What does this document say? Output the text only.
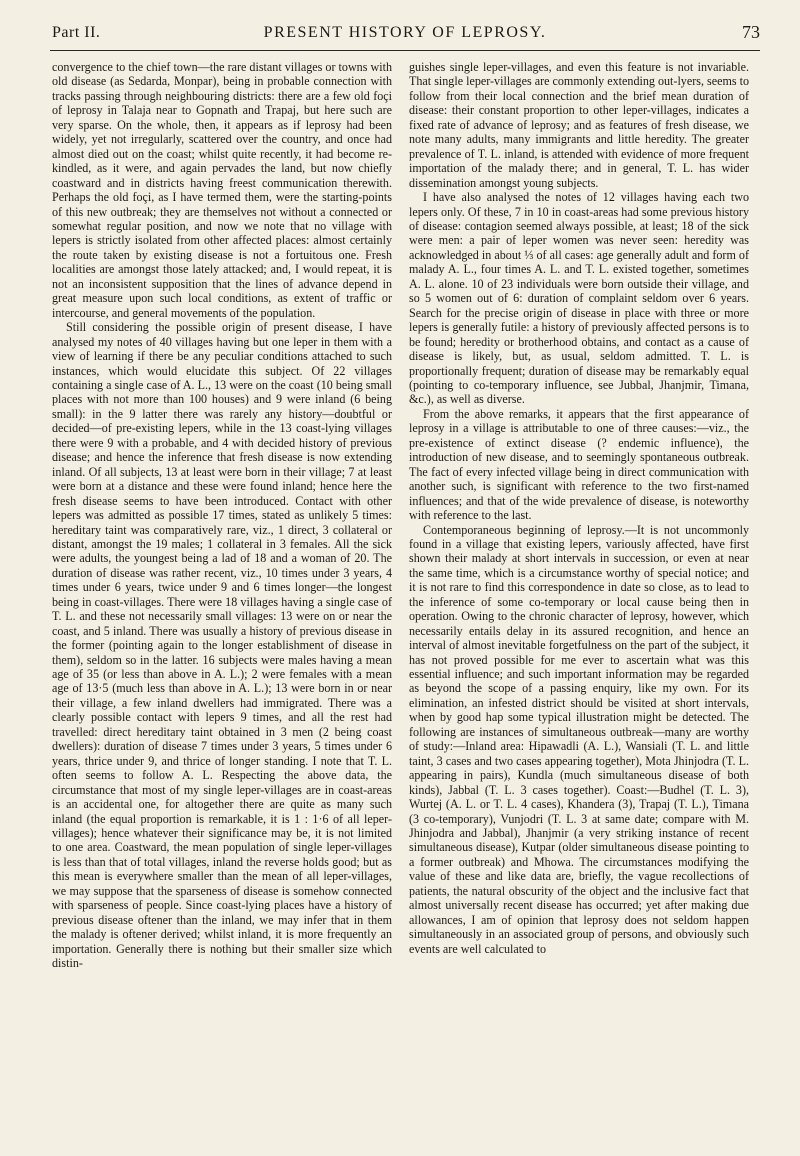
Part II.	PRESENT HISTORY OF LEPROSY.	73

convergence to the chief town—the rare distant villages or towns with old disease (as Sedarda, Monpar), being in probable connection with tracks passing through neighbouring districts: there are a few old foçi of leprosy in Talaja near to Gopnath and Trapaj, but here such are very sparse. On the whole, then, it appears as if leprosy had been widely, yet not irregularly, scattered over the country, and once had almost died out on the coast; whilst quite recently, it had become re-kindled, as it were, and again pervades the land, but now chiefly coastward and in districts having freest communication therewith. Perhaps the old foçi, as I have termed them, were the starting-points of this new outbreak; they are themselves not without a connected or somewhat regular position, and now we note that no village with lepers is strictly isolated from other affected places: almost certainly the route taken by existing disease is not a fortuitous one. Fresh localities are amongst those lately attacked; and, I would repeat, it is not an inconsistent supposition that the lines of advance depend in great measure upon such local conditions, as extent of traffic or intercourse, and general movements of the population.

Still considering the possible origin of present disease, I have analysed my notes of 40 villages having but one leper in them with a view of learning if there be any peculiar conditions attached to such instances, which would elucidate this subject. Of 22 villages containing a single case of A. L., 13 were on the coast (10 being small places with not more than 100 houses) and 9 were inland (6 being small): in the 9 latter there was rarely any history—doubtful or decided—of pre-existing lepers, while in the 13 coast-lying villages there were 9 with a probable, and 4 with decided history of previous disease; and hence the inference that fresh disease is now extending inland. Of all subjects, 13 at least were born in their village; 7 at least were born at a distance and these were found inland; hence here the fresh disease seems to have been introduced. Contact with other lepers was admitted as possible 17 times, stated as unlikely 5 times: hereditary taint was comparatively rare, viz., 1 direct, 3 collateral or distant, amongst the 19 males; 1 collateral in 3 females. All the sick were adults, the youngest being a lad of 18 and a woman of 20. The duration of disease was rather recent, viz., 10 times under 3 years, 4 times under 6 years, twice under 9 and 6 times longer—the longest being in coast-villages. There were 18 villages having a single case of T. L. and these not necessarily small villages: 13 were on or near the coast, and 5 inland. There was usually a history of previous disease in the former (pointing again to the longer establishment of disease in them), seldom so in the latter. 16 subjects were males having a mean age of 35 (or less than above in A. L.); 2 were females with a mean age of 13·5 (much less than above in A. L.); 13 were born in or near their village, a few inland dwellers had immigrated. There was a clearly possible contact with lepers 9 times, and all the rest had travelled: direct hereditary taint obtained in 3 men (2 being coast dwellers): duration of disease 7 times under 3 years, 5 times under 6 years, thrice under 9, and thrice of longer standing. I note that T. L. often seems to follow A. L. Respecting the above data, the circumstance that most of my single leper-villages are in coast-areas is an accidental one, for altogether there are quite as many such inland (the equal proportion is remarkable, it is 1 : 1·6 of all leper-villages); hence whatever their significance may be, it is not limited to one area. Coastward, the mean population of single leper-villages is less than that of total villages, inland the reverse holds good; but as this mean is everywhere smaller than the mean of all leper-villages, we may suppose that the sparseness of disease is somehow connected with sparseness of people. Since coast-lying places have a history of previous disease oftener than the inland, we may infer that in them the malady is oftener derived; whilst inland, it is more frequently an importation. Generally there is nothing but their smaller size which distin-

guishes single leper-villages, and even this feature is not invariable. That single leper-villages are commonly extending out-lyers, seems to follow from their local connection and the brief mean duration of disease: their constant proportion to other leper-villages, indicates a fixed rate of advance of leprosy; and as features of fresh disease, we note many adults, many immigrants and little heredity. The greater prevalence of T. L. inland, is attended with evidence of more frequent importation of the malady there; and in general, T. L. has wider dissemination amongst young subjects.

I have also analysed the notes of 12 villages having each two lepers only. Of these, 7 in 10 in coast-areas had some previous history of disease: contagion seemed always possible, at least; 18 of the sick were men: a pair of leper women was never seen: heredity was acknowledged in about ⅓ of all cases: age generally adult and form of malady A. L., four times A. L. and T. L. existed together, sometimes A. L. alone. 10 of 23 individuals were born outside their village, and so 5 women out of 6: duration of complaint seldom over 6 years. Search for the precise origin of disease in place with three or more lepers is generally futile: a history of previously affected persons is to be found; heredity or brotherhood obtains, and contact as a cause of disease is likely, but, as usual, seldom admitted. T. L. is proportionally frequent; duration of disease may be remarkably equal (pointing to co-temporary influence, see Jubbal, Jhanjmir, Timana, &c.), as well as diverse.

From the above remarks, it appears that the first appearance of leprosy in a village is attributable to one of three causes:—viz., the pre-existence of extinct disease (? endemic influence), the introduction of new disease, and to seemingly spontaneous outbreak. The fact of every infected village being in direct communication with another such, is significant with reference to the two first-named influences; and that of the wide prevalence of disease, is noteworthy with reference to the last.

Contemporaneous beginning of leprosy.—It is not uncommonly found in a village that existing lepers, variously affected, have first shown their malady at short intervals in succession, or even at near the same time, which is a circumstance worthy of special notice; and it is not rare to find this correspondence in date so close, as to lead to the inference of some co-temporary or local cause being then in operation. Owing to the chronic character of leprosy, however, which necessarily entails delay in its assured recognition, and hence an interval of almost inevitable forgetfulness on the part of the subject, it has not proved possible for me ever to ascertain what was this essential influence; and such important information may be regarded as beyond the scope of a passing enquiry, like my own. For its elimination, an infested district should be visited at short intervals, when by good hap some typical illustration might be detected. The following are instances of simultaneous outbreak—many are worthy of study:—Inland area: Hipawadli (A. L.), Wansiali (T. L. and little taint, 3 cases and two cases appearing together), Mota Jhinjodra (T. L. appearing in pairs), Kundla (much simultaneous disease of both kinds), Jabbal (T. L. 3 cases together). Coast:—Budhel (T. L. 3), Wurtej (A. L. or T. L. 4 cases), Khandera (3), Trapaj (T. L.), Timana (3 co-temporary), Vunjodri (T. L. 3 at same date; compare with M. Jhinjodra and Jabbal), Jhanjmir (a very striking instance of recent simultaneous disease), Kutpar (older simultaneous disease pointing to a former outbreak) and Mhowa. The circumstances modifying the value of these and like data are, briefly, the vague recollections of patients, the natural obscurity of the object and the inclusive fact that almost universally recent disease has occurred; yet after making due allowances, I am of opinion that leprosy does not seldom happen simultaneously in an associated group of persons, and obviously such events are well calculated to
